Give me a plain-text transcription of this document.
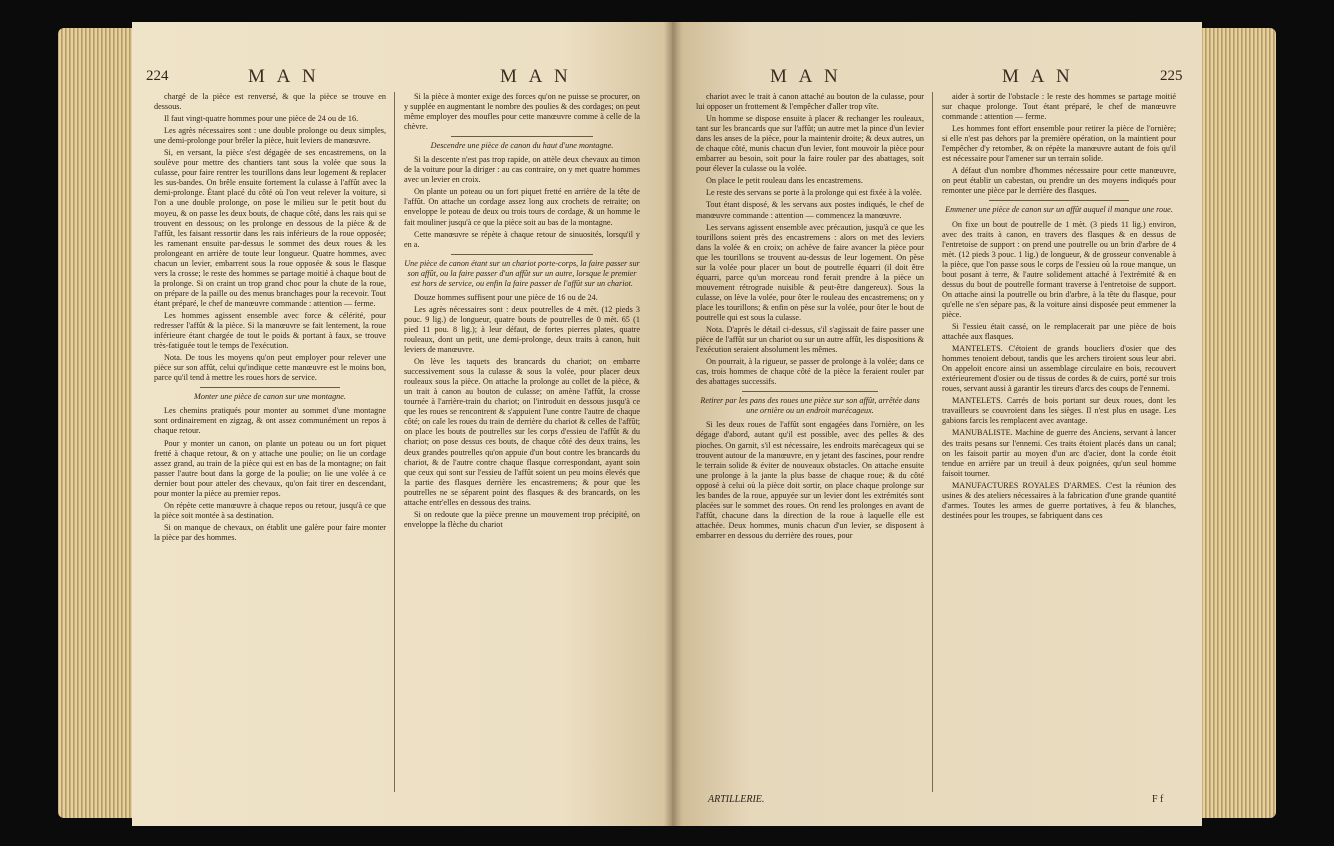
224	M A N	M A N

chargé de la pièce est renversé, & que la pièce se trouve en dessous.

Il faut vingt-quatre hommes pour une pièce de 24 ou de 16.

Les agrès nécessaires sont : une double prolonge ou deux simples, une demi-prolonge pour bréler la pièce, huit leviers de manœuvre.

Si, en versant, la pièce s'est dégagée de ses encastremens, on la soulève pour mettre des chantiers tant sous la volée que sous la culasse, pour faire rentrer les tourillons dans leur logement & replacer les sus-bandes. On brêle ensuite fortement la culasse à l'affût avec la demi-prolonge. Étant placé du côté où l'on veut relever la voiture, si l'on a une double prolonge, on pose le milieu sur le petit bout du moyeu, & on passe les deux bouts, de chaque côté, dans les rais qui se trouvent en dessous; on les prolonge en dessous de la pièce & de l'affût, les faisant ressortir dans les rais inférieurs de la roue opposée; les ramenant ensuite par-dessus le sommet des deux roues & les prolongeant en arrière de toute leur longueur. Quatre hommes, avec chacun un levier, embarrent sous la roue opposée & sous le flasque vers la crosse; le reste des hommes se partage moitié à chaque bout de la prolonge. Si on craint un trop grand choc pour la chute de la roue, on prépare de la paille ou des menus branchages pour la recevoir. Tout étant préparé, le chef de manœuvre commande : attention — ferme.

Les hommes agissent ensemble avec force & célérité, pour redresser l'affût & la pièce. Si la manœuvre se fait lentement, la roue inférieure étant chargée de tout le poids & portant à faux, se trouve très-fatiguée tout le temps de l'exécution.

Nota. De tous les moyens qu'on peut employer pour relever une pièce sur son affût, celui qu'indique cette manœuvre est le moins bon, parce qu'il tend à mettre les roues hors de service.

Monter une pièce de canon sur une montagne.

Les chemins pratiqués pour monter au sommet d'une montagne sont ordinairement en zigzag, & ont assez communément un repos à chaque retour.

Pour y monter un canon, on plante un poteau ou un fort piquet fretté à chaque retour, & on y attache une poulie; on lie un cordage assez grand, au train de la pièce qui est en bas de la montagne; on fait passer l'autre bout dans la gorge de la poulie; on lie une volée à ce dernier bout pour atteler des chevaux, qu'on fait tirer en descendant, pour monter la pièce au premier repos.

On répète cette manœuvre à chaque repos ou retour, jusqu'à ce que la pièce soit montée à sa destination.

Si on manque de chevaux, on établit une galère pour faire monter la pièce par des hommes.

Si la pièce à monter exige des forces qu'on ne puisse se procurer, on y supplée en augmentant le nombre des poulies & des cordages; on peut même employer des moufles pour cette manœuvre comme à celle de la chèvre.

Descendre une pièce de canon du haut d'une montagne.

Si la descente n'est pas trop rapide, on attèle deux chevaux au timon de la voiture pour la diriger : au cas contraire, on y met quatre hommes avec un levier en croix.

On plante un poteau ou un fort piquet fretté en arrière de la tête de l'affût. On attache un cordage assez long aux crochets de retraite; on enveloppe le poteau de deux ou trois tours de cordage, & un homme le fait mouliner jusqu'à ce que la pièce soit au bas de la montagne.

Cette manœuvre se répète à chaque retour de sinuosités, lorsqu'il y en a.

Une pièce de canon étant sur un chariot porte-corps, la faire passer sur son affût, ou la faire passer d'un affût sur un autre, lorsque le premier est hors de service, ou enfin la faire passer de l'affût sur un chariot.

Douze hommes suffisent pour une pièce de 16 ou de 24.

Les agrès nécessaires sont : deux poutrelles de 4 mèt. (12 pieds 3 pouc. 9 lig.) de longueur, quatre bouts de poutrelles de 0 mèt. 65 (1 pied 11 pou. 8 lig.); à leur défaut, de fortes pierres plates, quatre rouleaux, dont un petit, une demi-prolonge, deux traits à canon, huit leviers de manœuvre.

On lève les taquets des brancards du chariot; on embarre successivement sous la culasse & sous la volée, pour placer deux rouleaux sous la pièce. On attache la prolonge au collet de la pièce, & un trait à canon au bouton de culasse; on amène l'affût, la crosse tournée à l'arrière-train du chariot; on l'introduit en dessous jusqu'à ce que les roues se rencontrent & s'appuient l'une contre l'autre de chaque côté; on cale les roues du train de derrière du chariot & celles de l'affût; on place les bouts de poutrelles sur les corps d'essieu de l'affût & du chariot; on pose dessus ces bouts, de chaque côté des deux trains, les deux grandes poutrelles qu'on appuie d'un bout contre les brancards du chariot, & de l'autre contre chaque flasque correspondant, ayant soin que ceux qui sont sur l'essieu de l'affût soient un peu moins élevés que la partie des flasques derrière les encastremens; & pour que les poutrelles ne se séparent point des flasques & des brancards, on les attache entr'elles en dessous des trains.

Si on redoute que la pièce prenne un mouvement trop précipité, on enveloppe la flèche du chariot

M A N	M A N	225

chariot avec le trait à canon attaché au bouton de la culasse, pour lui opposer un frottement & l'empêcher d'aller trop vîte.

Un homme se dispose ensuite à placer & rechanger les rouleaux, tant sur les brancards que sur l'affût; un autre met la pince d'un levier dans les anses de la pièce, pour la maintenir droite; & deux autres, un de chaque côté, munis chacun d'un levier, font mouvoir la pièce pour embarrer au besoin, soit pour la faire rouler par des abattages, soit pour élever la culasse ou la volée.

On place le petit rouleau dans les encastremens.

Le reste des servans se porte à la prolonge qui est fixée à la volée.

Tout étant disposé, & les servans aux postes indiqués, le chef de manœuvre commande : attention — commencez la manœuvre.

Les servans agissent ensemble avec précaution, jusqu'à ce que les tourillons soient près des encastremens : alors on met des leviers dans la volée & en croix; on achève de faire avancer la pièce pour que les tourillons se trouvent au-dessus de leur logement. On pèse sur la volée pour placer un bout de poutrelle équarri (il doit être équarri, parce qu'un morceau rond ferait prendre à la pièce un mouvement rétrograde nuisible & peut-être dangereux). Sous la culasse, on lève la volée, pour ôter le rouleau des encastremens; on y place les tourillons; & enfin on pèse sur la volée, pour ôter le bout de poutrelle qui est sous la culasse.

Nota. D'après le détail ci-dessus, s'il s'agissait de faire passer une pièce de l'affût sur un chariot ou sur un autre affût, les dispositions & l'exécution seraient absolument les mêmes.

On pourrait, à la rigueur, se passer de prolonge à la volée; dans ce cas, trois hommes de chaque côté de la pièce la feraient rouler par des abattages successifs.

Retirer par les pans des roues une pièce sur son affût, arrêtée dans une ornière ou un endroit marécageux.

Si les deux roues de l'affût sont engagées dans l'ornière, on les dégage d'abord, autant qu'il est possible, avec des pelles & des pioches. On garnit, s'il est nécessaire, les endroits marécageux qui se trouvent autour de la manœuvre, en y jetant des fascines, pour rendre le terrain solide & éviter de nouveaux obstacles. On attache ensuite une prolonge à la jante la plus basse de chaque roue; & du côté opposé à celui où la pièce doit sortir, on place chaque prolonge sur les bandes de la roue, appuyée sur un levier dont les extrémités sont placées sur le sommet des roues. On rend les prolonges en avant de l'affût, chacune dans la direction de la roue à laquelle elle est attachée. Deux hommes, munis chacun d'un levier, se disposent à embarrer en dessous du derrière des roues, pour

aider à sortir de l'obstacle : le reste des hommes se partage moitié sur chaque prolonge. Tout étant préparé, le chef de manœuvre commande : attention — ferme.

Les hommes font effort ensemble pour retirer la pièce de l'ornière; si elle n'est pas dehors par la première opération, on la maintient pour l'empêcher d'y retomber, & on répète la manœuvre autant de fois qu'il est nécessaire pour l'amener sur un terrain solide.

A défaut d'un nombre d'hommes nécessaire pour cette manœuvre, on peut établir un cabestan, ou prendre un des moyens indiqués pour remonter une pièce par le derrière des flasques.

Emmener une pièce de canon sur un affût auquel il manque une roue.

On fixe un bout de poutrelle de 1 mèt. (3 pieds 11 lig.) environ, avec des traits à canon, en travers des flasques & en dessus de l'entretoise de support : on prend une poutrelle ou un brin d'arbre de 4 mèt. (12 pieds 3 pouc. 1 lig.) de longueur, & de grosseur convenable à la pièce, que l'on passe sous le corps de l'essieu où la roue manque, un bout posant à terre, & l'autre solidement attaché à l'extrémité & en dessus du bout de poutrelle formant traverse à l'entretoise de support. On attache ainsi la poutrelle ou brin d'arbre, à la tête du flasque, pour qu'elle ne s'en sépare pas, & la voiture ainsi disposée peut emmener la pièce.

Si l'essieu était cassé, on le remplacerait par une pièce de bois attachée aux flasques.

MANTELETS. C'étoient de grands boucliers d'osier que des hommes tenoient debout, tandis que les archers tiroient sous leur abri. On appeloit encore ainsi un assemblage circulaire en bois, recouvert extérieurement d'osier ou de tissus de cordes & de cuirs, porté sur trois roues, servant aussi à garantir les tireurs d'arcs des coups de l'ennemi.

MANTELETS. Carrés de bois portant sur deux roues, dont les travailleurs se couvroient dans les sièges. Il n'est plus en usage. Les gabions farcis les remplacent avec avantage.

MANUBALISTE. Machine de guerre des Anciens, servant à lancer des traits pesans sur l'ennemi. Ces traits étoient placés dans un canal; on les faisoit partir au moyen d'un arc d'acier, dont la corde étoit tendue en arrière par un treuil à deux poignées, qu'un seul homme faisoit tourner.

MANUFACTURES ROYALES D'ARMES. C'est la réunion des usines & des ateliers nécessaires à la fabrication d'une grande quantité d'armes. Toutes les armes de guerre portatives, à feu & blanches, destinées pour les troupes, se fabriquent dans ces

ARTILLERIE.	F f
